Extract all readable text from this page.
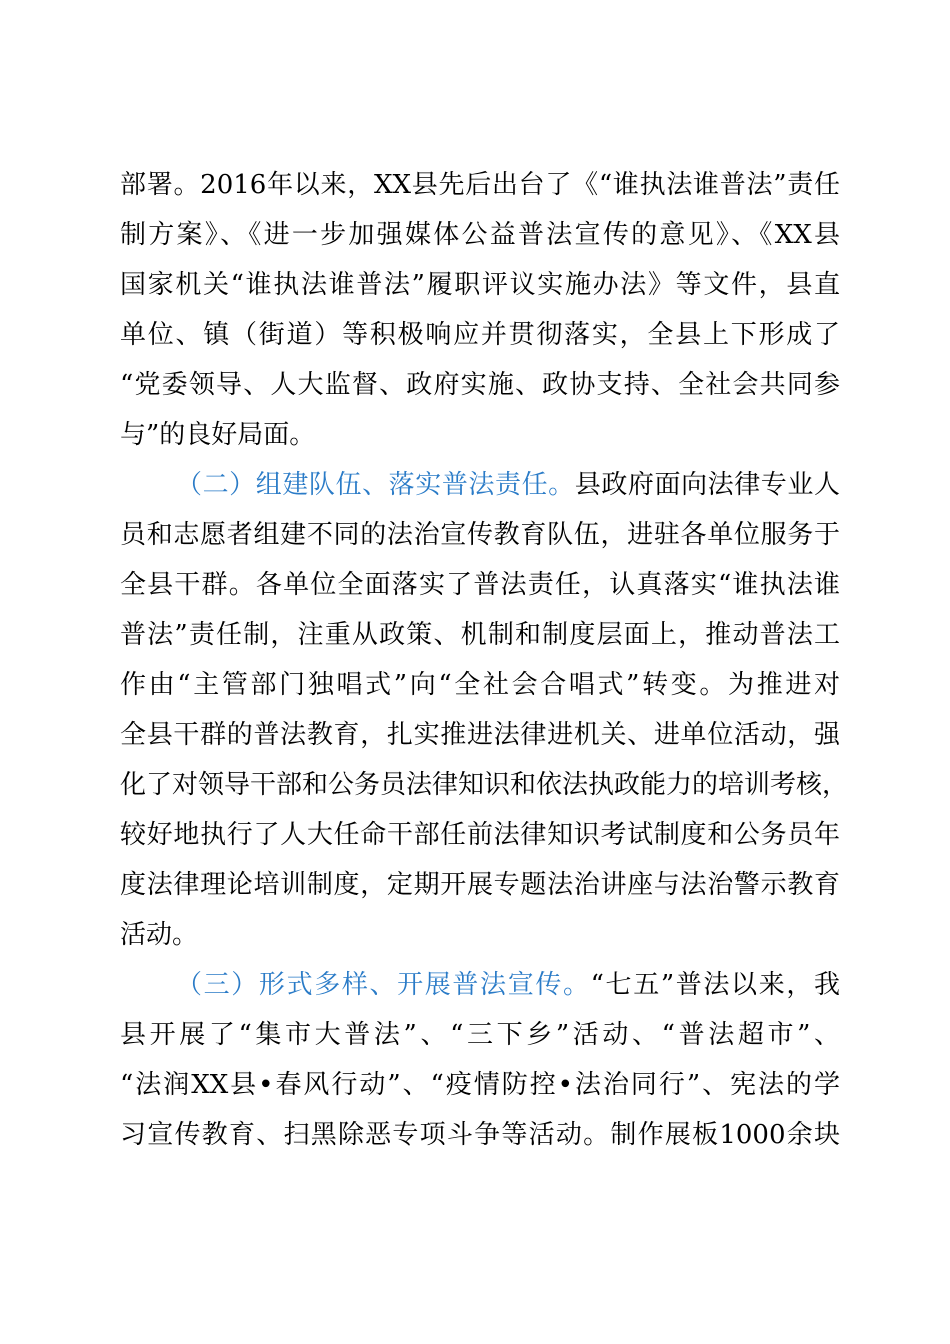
部署。2016年以来，XX县先后出台了《“谁执法谁普法”责任
制方案》、《进一步加强媒体公益普法宣传的意见》、《XX县
国家机关“谁执法谁普法”履职评议实施办法》等文件，县直
单位、镇（街道）等积极响应并贯彻落实，全县上下形成了
“党委领导、人大监督、政府实施、政协支持、全社会共同参
与”的良好局面。
（二）组建队伍、落实普法责任。县政府面向法律专业人
员和志愿者组建不同的法治宣传教育队伍，进驻各单位服务于
全县干群。各单位全面落实了普法责任，认真落实“谁执法谁
普法”责任制，注重从政策、机制和制度层面上，推动普法工
作由“主管部门独唱式”向“全社会合唱式”转变。为推进对
全县干群的普法教育，扎实推进法律进机关、进单位活动，强
化了对领导干部和公务员法律知识和依法执政能力的培训考核，
较好地执行了人大任命干部任前法律知识考试制度和公务员年
度法律理论培训制度，定期开展专题法治讲座与法治警示教育
活动。
（三）形式多样、开展普法宣传。“七五”普法以来，我
县开展了“集市大普法”、“三下乡”活动、“普法超市”、
“法润XX县•春风行动”、“疫情防控•法治同行”、宪法的学
习宣传教育、扫黑除恶专项斗争等活动。制作展板1000余块
